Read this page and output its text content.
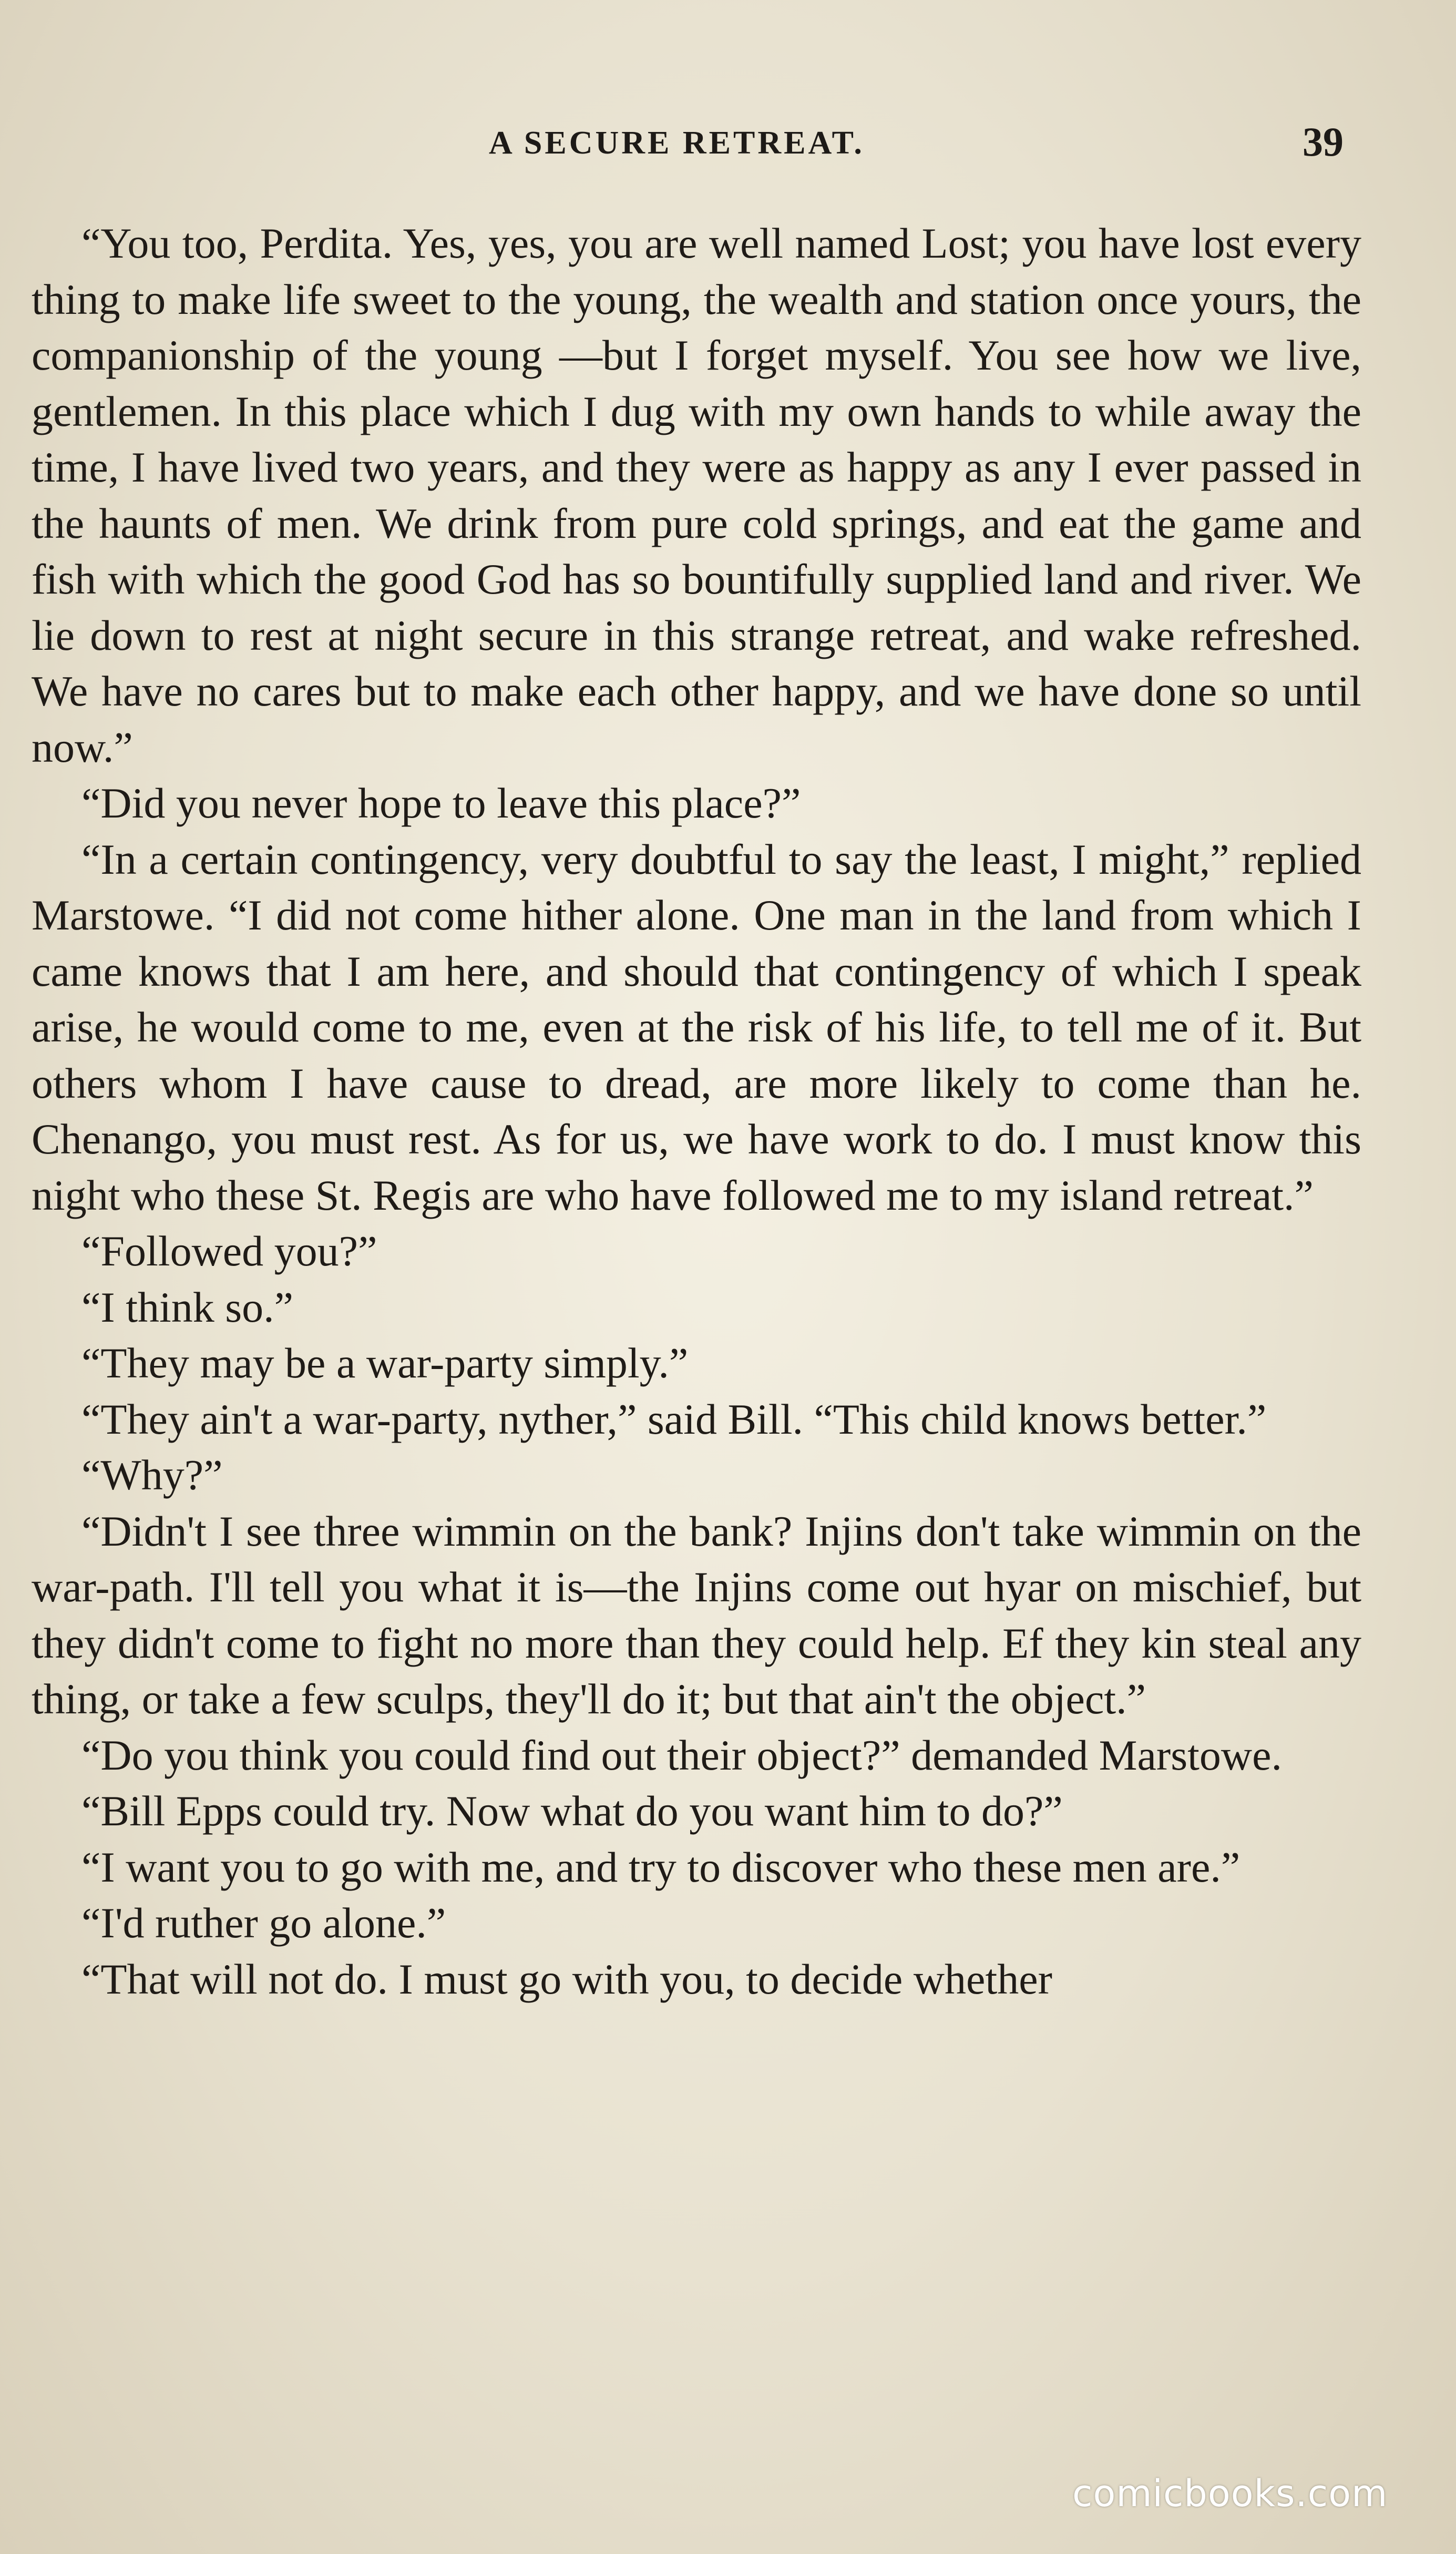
A SECURE RETREAT.	39

“You too, Perdita. Yes, yes, you are well named Lost; you have lost every thing to make life sweet to the young, the wealth and station once yours, the companionship of the young —but I forget myself. You see how we live, gentlemen. In this place which I dug with my own hands to while away the time, I have lived two years, and they were as happy as any I ever passed in the haunts of men. We drink from pure cold springs, and eat the game and fish with which the good God has so bountifully supplied land and river. We lie down to rest at night secure in this strange retreat, and wake refreshed. We have no cares but to make each other happy, and we have done so until now.”

“Did you never hope to leave this place?”

“In a certain contingency, very doubtful to say the least, I might,” replied Marstowe. “I did not come hither alone. One man in the land from which I came knows that I am here, and should that contingency of which I speak arise, he would come to me, even at the risk of his life, to tell me of it. But others whom I have cause to dread, are more likely to come than he. Chenango, you must rest. As for us, we have work to do. I must know this night who these St. Regis are who have followed me to my island retreat.”

“Followed you?”

“I think so.”

“They may be a war-party simply.”

“They ain't a war-party, nyther,” said Bill. “This child knows better.”

“Why?”

“Didn't I see three wimmin on the bank? Injins don't take wimmin on the war-path. I'll tell you what it is—the Injins come out hyar on mischief, but they didn't come to fight no more than they could help. Ef they kin steal any thing, or take a few sculps, they'll do it; but that ain't the object.”

“Do you think you could find out their object?” demanded Marstowe.

“Bill Epps could try. Now what do you want him to do?”

“I want you to go with me, and try to discover who these men are.”

“I'd ruther go alone.”

“That will not do. I must go with you, to decide whether

comicbooks.com
